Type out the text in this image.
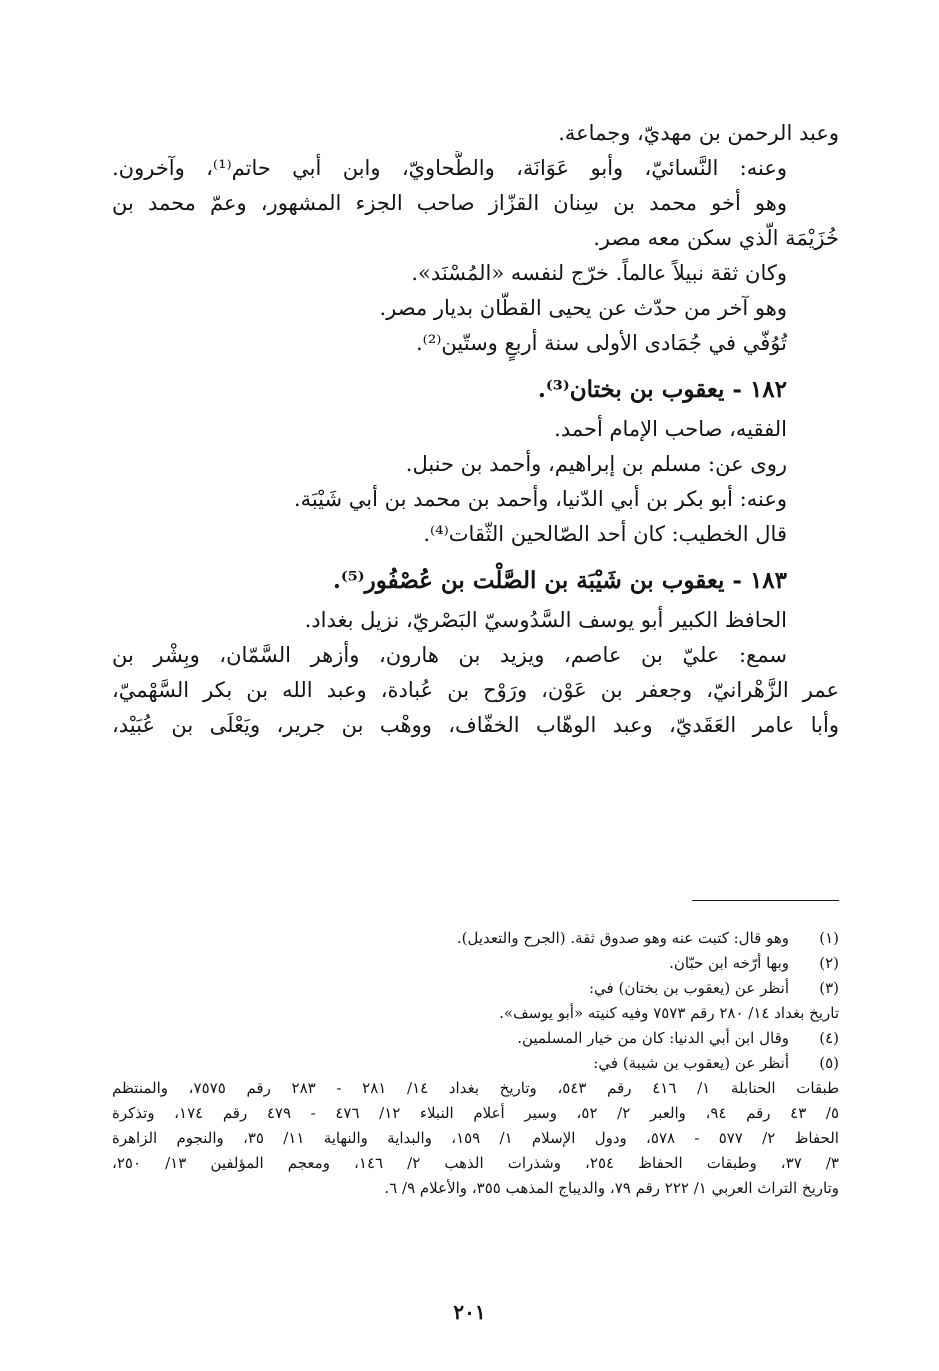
وعبد الرحمن بن مهديّ، وجماعة.
وعنه: النَّسائيّ، وأبو عَوَانَة، والطَّحاويّ، وابن أبي حاتم⁽¹⁾، وآخرون.
وهو أخو محمد بن سِنان القزّاز صاحب الجزء المشهور، وعمّ محمد بن
خُزَيْمَة الّذي سكن معه مصر.
وكان ثقة نبيلاً عالماً. خرّج لنفسه «المُسْنَد».
وهو آخر من حدّث عن يحيى القطّان بديار مصر.
تُوُفّي في جُمَادى الأولى سنة أربعٍ وستّين⁽²⁾.
١٨٢ - يعقوب بن بختان⁽³⁾.
الفقيه، صاحب الإمام أحمد.
روى عن: مسلم بن إبراهيم، وأحمد بن حنبل.
وعنه: أبو بكر بن أبي الدّنيا، وأحمد بن محمد بن أبي شَيْبَة.
قال الخطيب: كان أحد الصّالحين الثّقات⁽⁴⁾.
١٨٣ - يعقوب بن شَيْبَة بن الصَّلْت بن عُصْفُور⁽⁵⁾.
الحافظ الكبير أبو يوسف السَّدُوسيّ البَصْريّ، نزيل بغداد.
سمع: عليّ بن عاصم، ويزيد بن هارون، وأزهر السَّمّان، وبِشْر بن
عمر الزَّهْرانيّ، وجعفر بن عَوْن، ورَوْح بن عُبادة، وعبد الله بن بكر السَّهْميّ،
وأبا عامر العَقَديّ، وعبد الوهّاب الخفّاف، ووهْب بن جرير، ويَعْلَى بن عُبَيْد،
(١)
وهو قال: كتبت عنه وهو صدوق ثقة. (الجرح والتعديل).
(٢)
وبها أرّخه ابن حبّان.
(٣)
أنظر عن (يعقوب بن بختان) في:
تاريخ بغداد ١٤/ ٢٨٠ رقم ٧٥٧٣ وفيه كنيته «أبو يوسف».
(٤)
وقال ابن أبي الدنيا: كان من خيار المسلمين.
(٥)
أنظر عن (يعقوب بن شيبة) في:
طبقات الحنابلة ١/ ٤١٦ رقم ٥٤٣، وتاريخ بغداد ١٤/ ٢٨١ - ٢٨٣ رقم ٧٥٧٥، والمنتظم
٥/ ٤٣ رقم ٩٤، والعبر ٢/ ٥٢، وسير أعلام النبلاء ١٢/ ٤٧٦ - ٤٧٩ رقم ١٧٤، وتذكرة
الحفاظ ٢/ ٥٧٧ - ٥٧٨، ودول الإسلام ١/ ١٥٩، والبداية والنهاية ١١/ ٣٥، والنجوم الزاهرة
٣/ ٣٧، وطبقات الحفاظ ٢٥٤، وشذرات الذهب ٢/ ١٤٦، ومعجم المؤلفين ١٣/ ٢٥٠،
وتاريخ التراث العربي ١/ ٢٢٢ رقم ٧٩، والديباج المذهب ٣٥٥، والأعلام ٩/ ٦.
٢٠١
